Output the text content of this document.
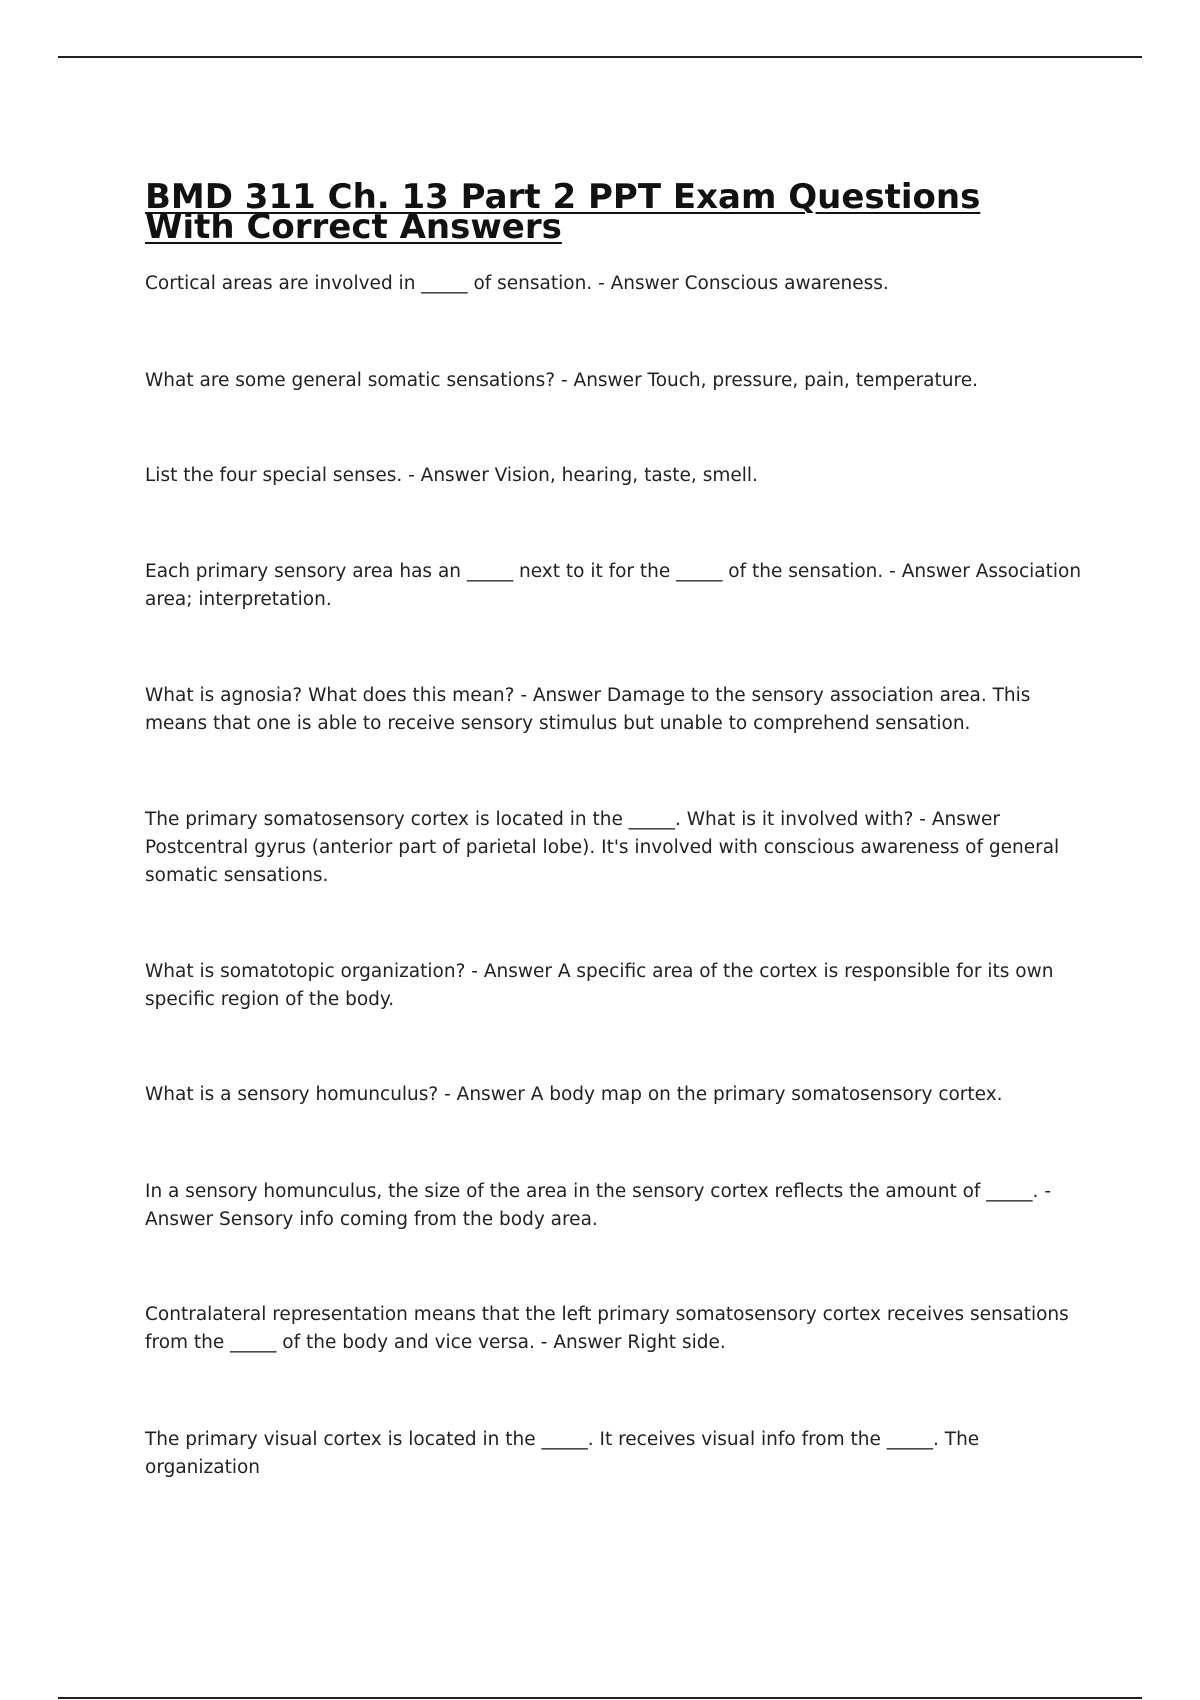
BMD 311 Ch. 13 Part 2 PPT Exam Questions With Correct Answers

Cortical areas are involved in _____ of sensation. - Answer Conscious awareness.

What are some general somatic sensations? - Answer Touch, pressure, pain, temperature.

List the four special senses. - Answer Vision, hearing, taste, smell.

Each primary sensory area has an _____ next to it for the _____ of the sensation. - Answer Association area; interpretation.

What is agnosia? What does this mean? - Answer Damage to the sensory association area. This means that one is able to receive sensory stimulus but unable to comprehend sensation.

The primary somatosensory cortex is located in the _____. What is it involved with? - Answer Postcentral gyrus (anterior part of parietal lobe). It's involved with conscious awareness of general somatic sensations.

What is somatotopic organization? - Answer A specific area of the cortex is responsible for its own specific region of the body.

What is a sensory homunculus? - Answer A body map on the primary somatosensory cortex.

In a sensory homunculus, the size of the area in the sensory cortex reflects the amount of _____. - Answer Sensory info coming from the body area.

Contralateral representation means that the left primary somatosensory cortex receives sensations from the _____ of the body and vice versa. - Answer Right side.

The primary visual cortex is located in the _____. It receives visual info from the _____. The organization
